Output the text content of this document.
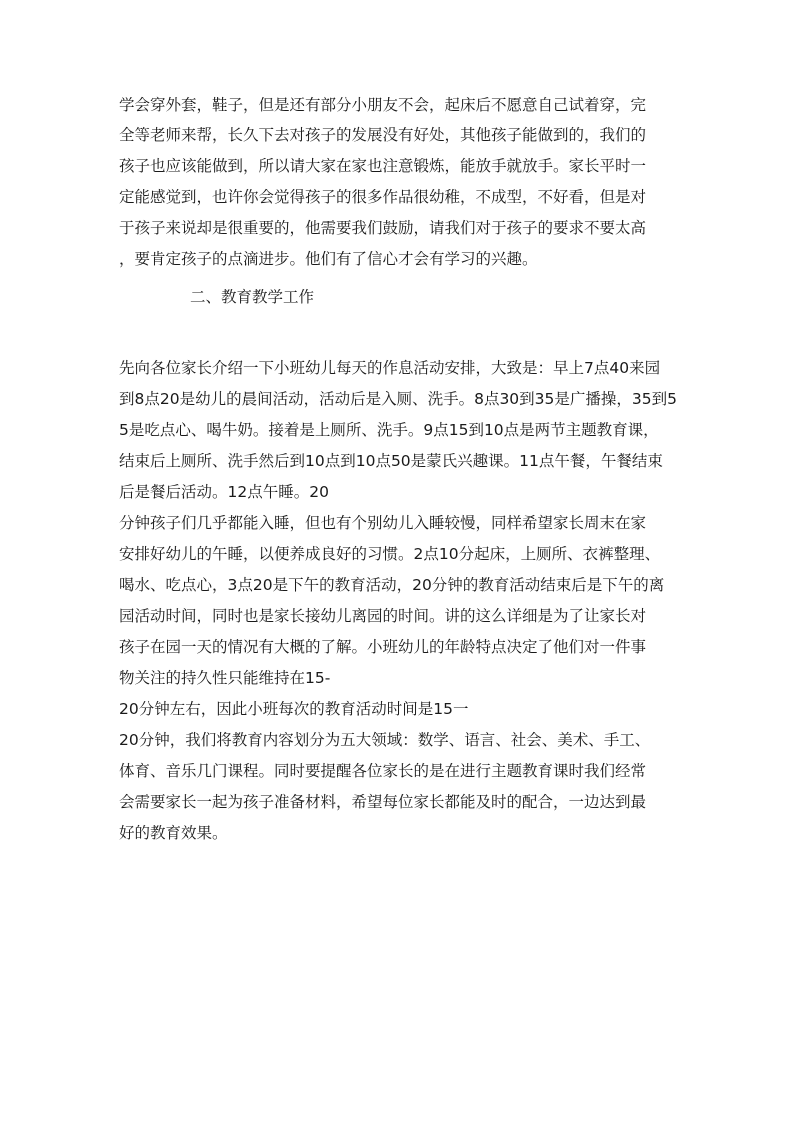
学会穿外套，鞋子，但是还有部分小朋友不会，起床后不愿意自己试着穿，完
全等老师来帮，长久下去对孩子的发展没有好处，其他孩子能做到的，我们的
孩子也应该能做到，所以请大家在家也注意锻炼，能放手就放手。家长平时一
定能感觉到，也许你会觉得孩子的很多作品很幼稚，不成型，不好看，但是对
于孩子来说却是很重要的，他需要我们鼓励，请我们对于孩子的要求不要太高
，要肯定孩子的点滴进步。他们有了信心才会有学习的兴趣。
二、教育教学工作
先向各位家长介绍一下小班幼儿每天的作息活动安排，大致是：早上7点40来园
到8点20是幼儿的晨间活动，活动后是入厕、洗手。8点30到35是广播操，35到5
5是吃点心、喝牛奶。接着是上厕所、洗手。9点15到10点是两节主题教育课，
结束后上厕所、洗手然后到10点到10点50是蒙氏兴趣课。11点午餐，午餐结束
后是餐后活动。12点午睡。20
分钟孩子们几乎都能入睡，但也有个别幼儿入睡较慢，同样希望家长周末在家
安排好幼儿的午睡，以便养成良好的习惯。2点10分起床，上厕所、衣裤整理、
喝水、吃点心，3点20是下午的教育活动，20分钟的教育活动结束后是下午的离
园活动时间，同时也是家长接幼儿离园的时间。讲的这么详细是为了让家长对
孩子在园一天的情况有大概的了解。小班幼儿的年龄特点决定了他们对一件事
物关注的持久性只能维持在15-
20分钟左右，因此小班每次的教育活动时间是15一
20分钟，我们将教育内容划分为五大领域：数学、语言、社会、美术、手工、
体育、音乐几门课程。同时要提醒各位家长的是在进行主题教育课时我们经常
会需要家长一起为孩子准备材料，希望每位家长都能及时的配合，一边达到最
好的教育效果。
